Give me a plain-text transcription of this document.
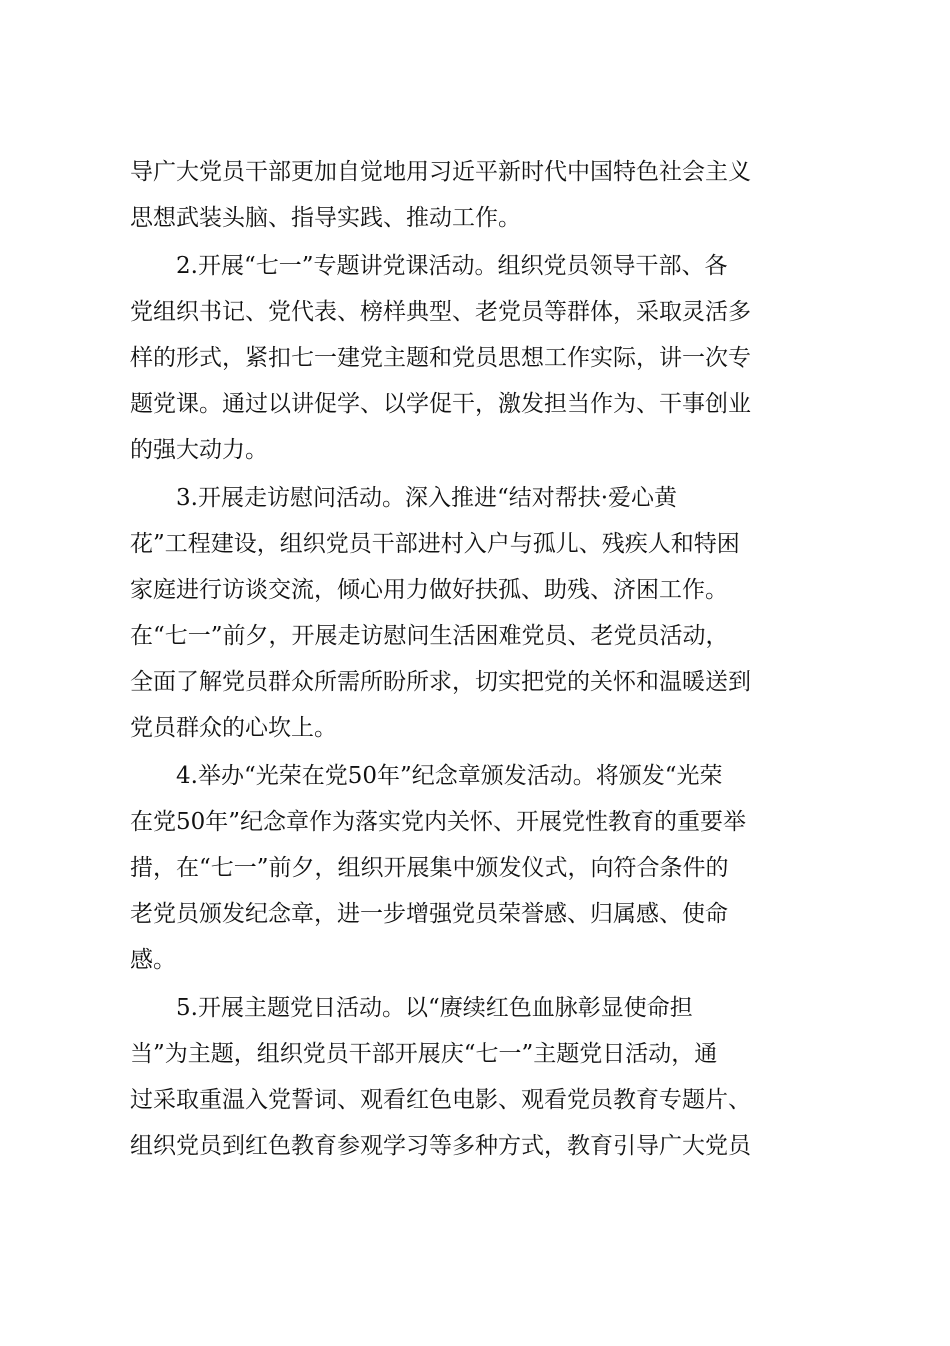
导广大党员干部更加自觉地用习近平新时代中国特色社会主义
思想武装头脑、指导实践、推动工作。
2.开展“七一”专题讲党课活动。组织党员领导干部、各
党组织书记、党代表、榜样典型、老党员等群体，采取灵活多
样的形式，紧扣七一建党主题和党员思想工作实际，讲一次专
题党课。通过以讲促学、以学促干，激发担当作为、干事创业
的强大动力。
3.开展走访慰问活动。深入推进“结对帮扶·爱心黄
花”工程建设，组织党员干部进村入户与孤儿、残疾人和特困
家庭进行访谈交流，倾心用力做好扶孤、助残、济困工作。
在“七一”前夕，开展走访慰问生活困难党员、老党员活动，
全面了解党员群众所需所盼所求，切实把党的关怀和温暖送到
党员群众的心坎上。
4.举办“光荣在党50年”纪念章颁发活动。将颁发“光荣
在党50年”纪念章作为落实党内关怀、开展党性教育的重要举
措，在“七一”前夕，组织开展集中颁发仪式，向符合条件的
老党员颁发纪念章，进一步增强党员荣誉感、归属感、使命
感。
5.开展主题党日活动。以“赓续红色血脉彰显使命担
当”为主题，组织党员干部开展庆“七一”主题党日活动，通
过采取重温入党誓词、观看红色电影、观看党员教育专题片、
组织党员到红色教育参观学习等多种方式，教育引导广大党员
